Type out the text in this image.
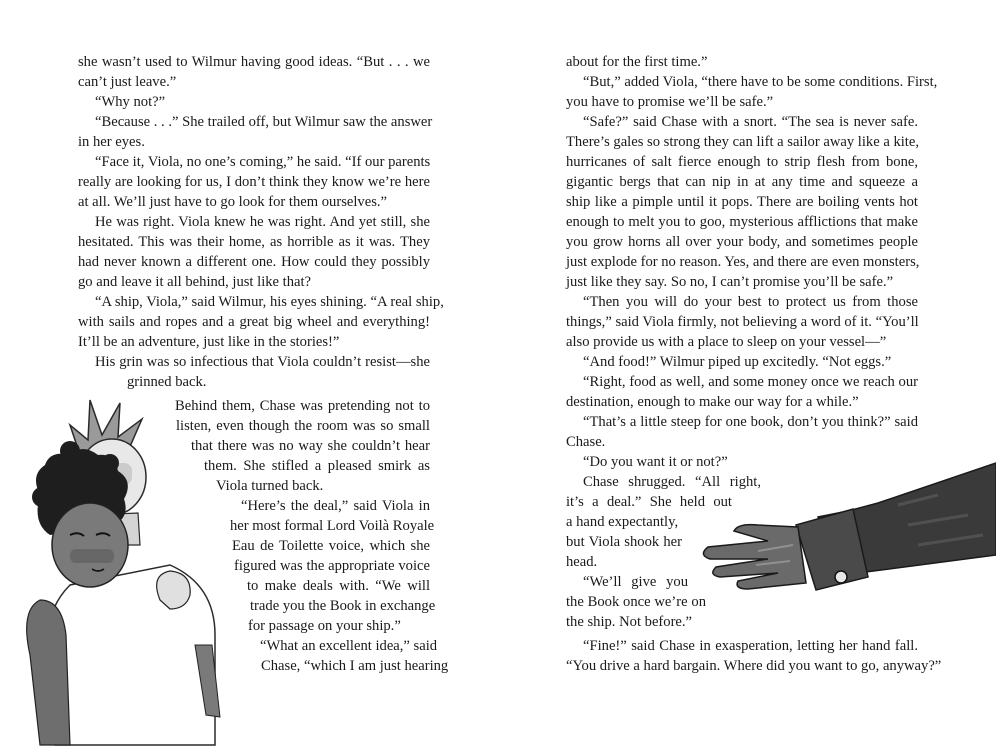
she wasn’t used to Wilmur having good ideas. “But . . . we

can’t just leave.”

“Why not?”

“Because . . .” She trailed off, but Wilmur saw the answer

in her eyes.

“Face it, Viola, no one’s coming,” he said. “If our parents

really are looking for us, I don’t think they know we’re here

at all. We’ll just have to go look for them ourselves.”

He was right. Viola knew he was right. And yet still, she

hesitated. This was their home, as horrible as it was. They

had never known a different one. How could they possibly

go and leave it all behind, just like that?

“A ship, Viola,” said Wilmur, his eyes shining. “A real ship,

with sails and ropes and a great big wheel and everything!

It’ll be an adventure, just like in the stories!”

His grin was so infectious that Viola couldn’t resist—she

grinned back.

Behind them, Chase was pretending not to

listen, even though the room was so small

that there was no way she couldn’t hear

them. She stifled a pleased smirk as

Viola turned back.

“Here’s the deal,” said Viola in

her most formal Lord Voilà Royale

Eau de Toilette voice, which she

figured was the appropriate voice

to make deals with. “We will

trade you the Book in exchange

for passage on your ship.”

“What an excellent idea,” said

Chase, “which I am just hearing

about for the first time.”

“But,” added Viola, “there have to be some conditions. First,

you have to promise we’ll be safe.”

“Safe?” said Chase with a snort. “The sea is never safe.

There’s gales so strong they can lift a sailor away like a kite,

hurricanes of salt fierce enough to strip flesh from bone,

gigantic bergs that can nip in at any time and squeeze a

ship like a pimple until it pops. There are boiling vents hot

enough to melt you to goo, mysterious afflictions that make

you grow horns all over your body, and sometimes people

just explode for no reason. Yes, and there are even monsters,

just like they say. So no, I can’t promise you’ll be safe.”

“Then you will do your best to protect us from those

things,” said Viola firmly, not believing a word of it. “You’ll

also provide us with a place to sleep on your vessel—”

“And food!” Wilmur piped up excitedly. “Not eggs.”

“Right, food as well, and some money once we reach our

destination, enough to make our way for a while.”

“That’s a little steep for one book, don’t you think?” said

Chase.

“Do you want it or not?”

Chase shrugged. “All right,

it’s a deal.” She held out

a hand expectantly,

but Viola shook her

head.

“We’ll give you

the Book once we’re on

the ship. Not before.”

“Fine!” said Chase in exasperation, letting her hand fall.

“You drive a hard bargain. Where did you want to go, anyway?”
